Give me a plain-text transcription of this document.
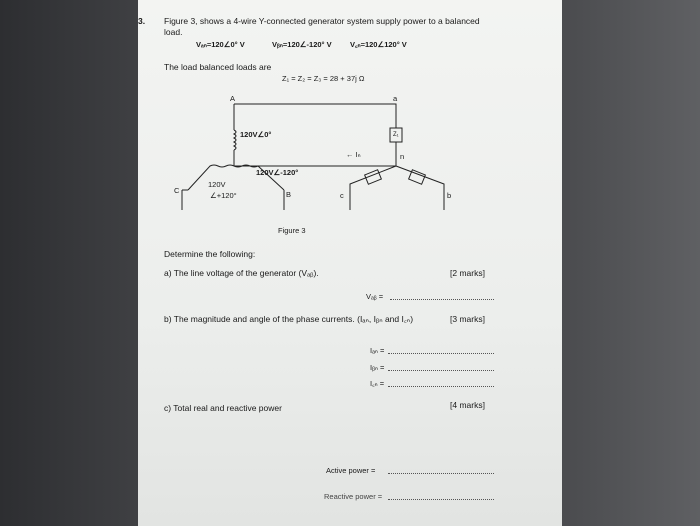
3. Figure 3, shows a 4-wire Y-connected generator system supply power to a balanced
load.
Vₐₙ=120∠0° V	Vᵦₙ=120∠-120° V V꜀ₙ=120∠120° V
The load balanced loads are
Z₁ = Z₂ = Z₃ = 28 + 37j Ω
A	a
120V∠0°
← Iₙ	n
Z₁
120V∠-120°
120V
∠+120°
C	B	c	b
Figure 3
Determine the following:
a) The line voltage of the generator (Vₐᵦ).	[2 marks]
Vₐᵦ =
b) The magnitude and angle of the phase currents. (Iₐₙ, Iᵦₙ and I꜀ₙ)	[3 marks]
Iₐₙ =
Iᵦₙ =
I꜀ₙ =
c) Total real and reactive power	[4 marks]
Active power =
Reactive power =
